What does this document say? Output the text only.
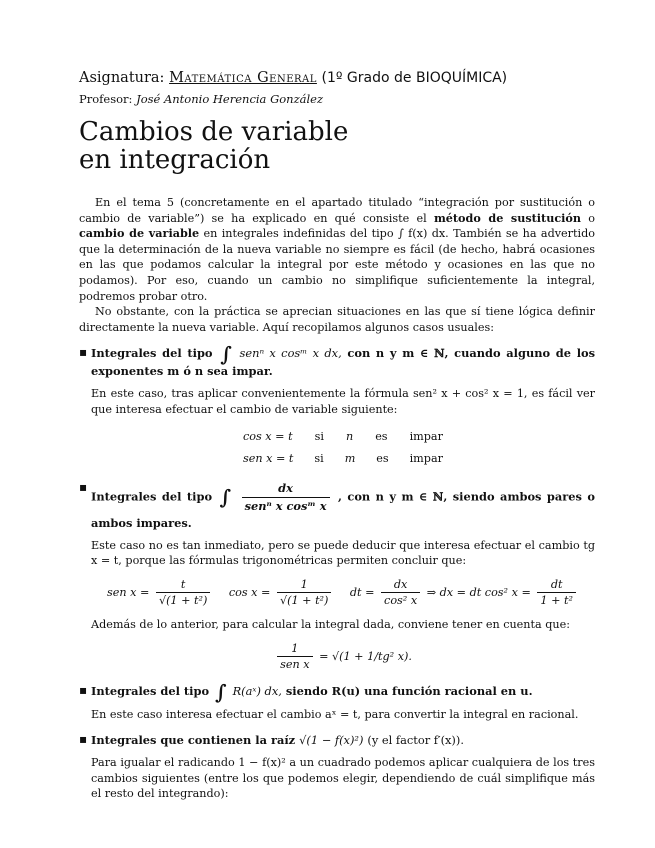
Asignatura: Matemática General (1º Grado de BIOQUÍMICA)
Profesor: José Antonio Herencia González
Cambios de variable
en integración

En el tema 5 (concretamente en el apartado titulado “integración por sustitución o cambio de variable”) se ha explicado en qué consiste el método de sustitución o cambio de variable en integrales indefinidas del tipo ∫ f(x) dx. También se ha advertido que la determinación de la nueva variable no siempre es fácil (de hecho, habrá ocasiones en las que podamos calcular la integral por este método y ocasiones en las que no podamos). Por eso, cuando un cambio no simplifique suficientemente la integral, podremos probar otro.

No obstante, con la práctica se aprecian situaciones en las que sí tiene lógica definir directamente la nueva variable. Aquí recopilamos algunos casos usuales:

▪ Integrales del tipo ∫ senⁿ x cosᵐ x dx, con n y m ∈ ℕ, cuando alguno de los exponentes m ó n sea impar.
En este caso, tras aplicar convenientemente la fórmula sen² x + cos² x = 1, es fácil ver que interesa efectuar el cambio de variable siguiente:
cos x = t si n es impar
sen x = t si m es impar
▪
Integrales del tipo ∫ $\frac{dx}{\text{senⁿ x cosᵐ x}}$ , con n y m ∈ ℕ, siendo ambos pares o ambos impares.
Este caso no es tan inmediato, pero se puede deducir que interesa efectuar el cambio tg x = t, porque las fórmulas trigonométricas permiten concluir que:
sen $x = \frac{t}{\text{√(1 + t²)}}$ $\cos x = \frac{1}{\text{√(1 + t²)}}$ dt = $\frac{dx}{\text{cos² x}}$ ⇒ dx = dt cos² $x = \frac{dt}{\text{1 + t²}}$
Además de lo anterior, para calcular la integral dada, conviene tener en cuenta que:
$\frac{1}{\text{sen x}} = √(1 + 1/tg^2$ x).
▪ Integrales del tipo ∫ R(aˣ) dx, siendo R(u) una función racional en u.
En este caso interesa efectuar el cambio aˣ = t, para convertir la integral en racional.
▪ Integrales que contienen la raíz √(1 − f(x)²) (y el factor f′(x)).
Para igualar el radicando 1 − f(x)² a un cuadrado podemos aplicar cualquiera de los tres cambios siguientes (entre los que podemos elegir, dependiendo de cuál simplifique más el resto del integrando):
